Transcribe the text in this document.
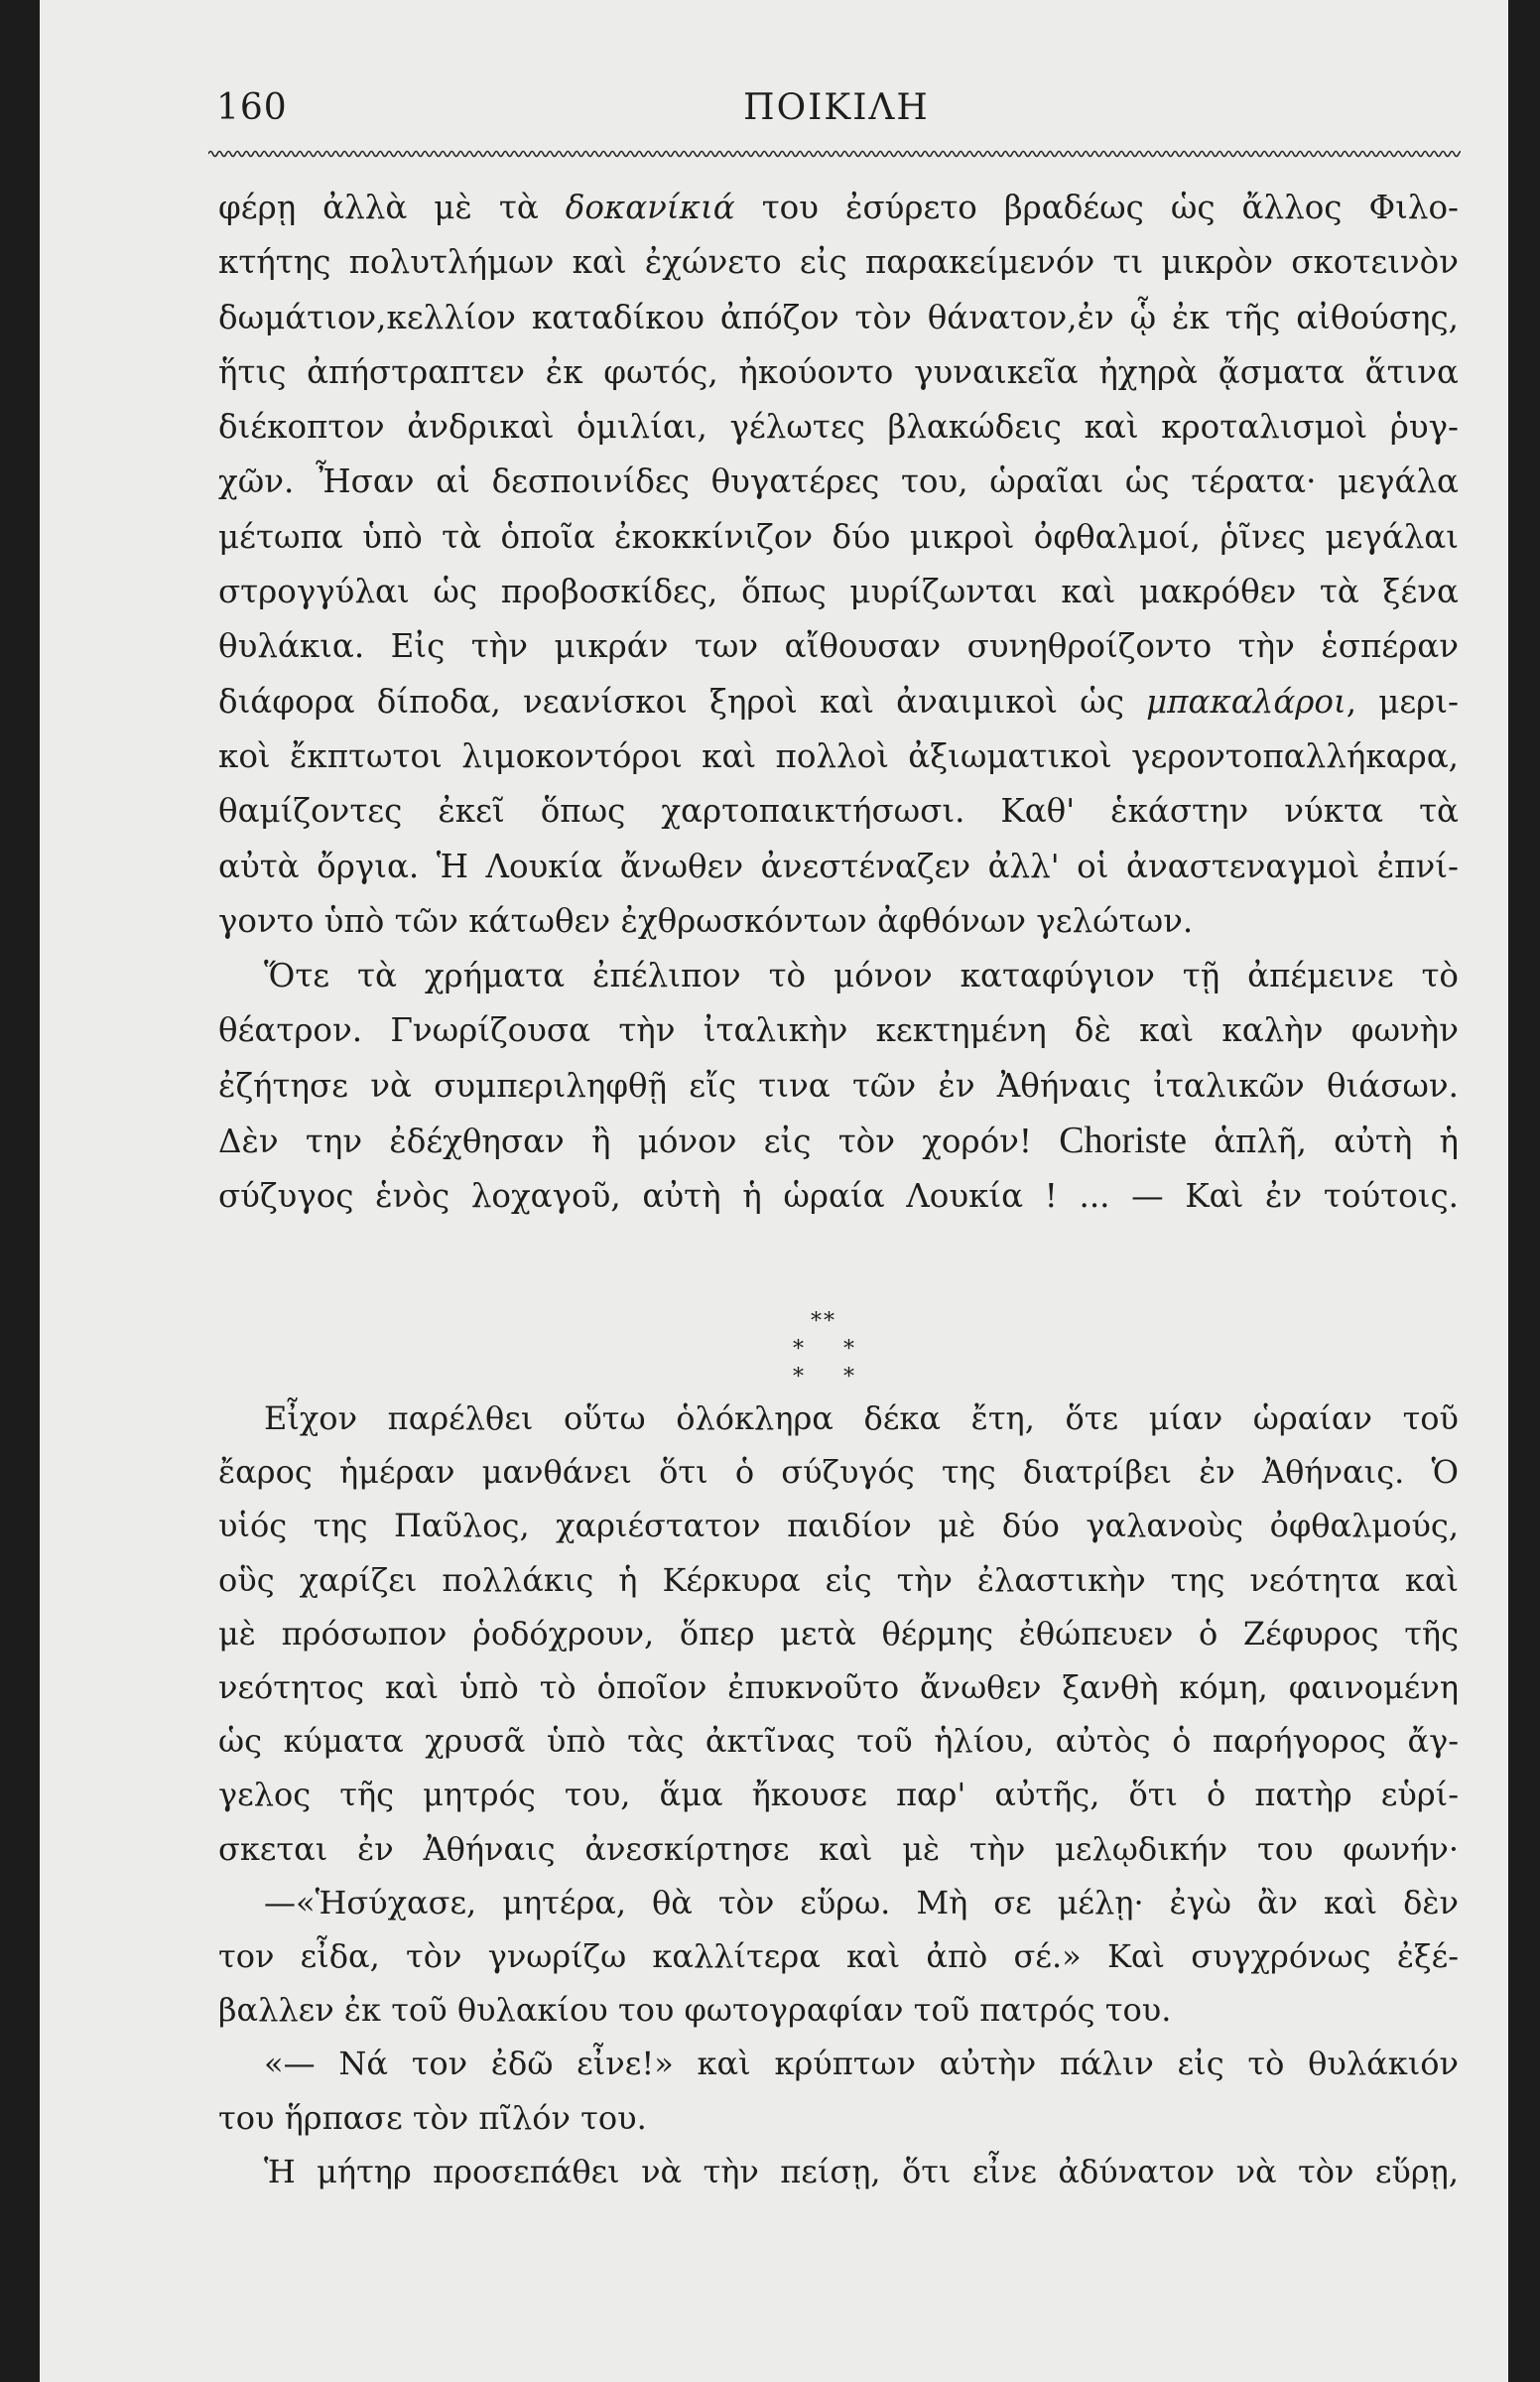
160	ΠΟΙΚΙΛΗ
φέρῃ ἀλλὰ μὲ τὰ δοκανίκιά του ἐσύρετο βραδέως ὡς ἄλλος Φιλο-
κτήτης πολυτλήμων καὶ ἐχώνετο εἰς παρακείμενόν τι μικρὸν σκοτεινὸν
δωμάτιον,κελλίον καταδίκου ἀπόζον τὸν θάνατον,ἐν ᾧ ἐκ τῆς αἰθούσης,
ἥτις ἀπήστραπτεν ἐκ φωτός, ἠκούοντο γυναικεῖα ἠχηρὰ ᾄσματα ἅτινα
διέκοπτον ἀνδρικαὶ ὁμιλίαι, γέλωτες βλακώδεις καὶ κροταλισμοὶ ῥυγ-
χῶν. Ἦσαν αἱ δεσποινίδες θυγατέρες του, ὡραῖαι ὡς τέρατα· μεγάλα
μέτωπα ὑπὸ τὰ ὁποῖα ἐκοκκίνιζον δύο μικροὶ ὀφθαλμοί, ῥῖνες μεγάλαι
στρογγύλαι ὡς προβοσκίδες, ὅπως μυρίζωνται καὶ μακρόθεν τὰ ξένα
θυλάκια. Εἰς τὴν μικράν των αἴθουσαν συνηθροίζοντο τὴν ἑσπέραν
διάφορα δίποδα, νεανίσκοι ξηροὶ καὶ ἀναιμικοὶ ὡς μπακαλάροι, μερι-
κοὶ ἔκπτωτοι λιμοκοντόροι καὶ πολλοὶ ἀξιωματικοὶ γεροντοπαλλήκαρα,
θαμίζοντες ἐκεῖ ὅπως χαρτοπαικτήσωσι. Καθ' ἑκάστην νύκτα τὰ
αὐτὰ ὄργια. Ἡ Λουκία ἄνωθεν ἀνεστέναζεν ἀλλ' οἱ ἀναστεναγμοὶ ἐπνί-
γοντο ὑπὸ τῶν κάτωθεν ἐχθρωσκόντων ἀφθόνων γελώτων.
Ὅτε τὰ χρήματα ἐπέλιπον τὸ μόνον καταφύγιον τῇ ἀπέμεινε τὸ
θέατρον. Γνωρίζουσα τὴν ἰταλικὴν κεκτημένη δὲ καὶ καλὴν φωνὴν
ἐζήτησε νὰ συμπεριληφθῇ εἴς τινα τῶν ἐν Ἀθήναις ἰταλικῶν θιάσων.
Δὲν την ἐδέχθησαν ἢ μόνον εἰς τὸν χορόν! Choriste ἁπλῆ, αὐτὴ ἡ
σύζυγος ἑνὸς λοχαγοῦ, αὐτὴ ἡ ὡραία Λουκία ! ... — Καὶ ἐν τούτοις.
**
** **
Εἶχον παρέλθει οὕτω ὁλόκληρα δέκα ἔτη, ὅτε μίαν ὡραίαν τοῦ
ἔαρος ἡμέραν μανθάνει ὅτι ὁ σύζυγός της διατρίβει ἐν Ἀθήναις. Ὁ
υἱός της Παῦλος, χαριέστατον παιδίον μὲ δύο γαλανοὺς ὀφθαλμούς,
οὓς χαρίζει πολλάκις ἡ Κέρκυρα εἰς τὴν ἐλαστικὴν της νεότητα καὶ
μὲ πρόσωπον ῥοδόχρουν, ὅπερ μετὰ θέρμης ἐθώπευεν ὁ Ζέφυρος τῆς
νεότητος καὶ ὑπὸ τὸ ὁποῖον ἐπυκνοῦτο ἄνωθεν ξανθὴ κόμη, φαινομένη
ὡς κύματα χρυσᾶ ὑπὸ τὰς ἀκτῖνας τοῦ ἡλίου, αὐτὸς ὁ παρήγορος ἄγ-
γελος τῆς μητρός του, ἅμα ἤκουσε παρ' αὐτῆς, ὅτι ὁ πατὴρ εὑρί-
σκεται ἐν Ἀθήναις ἀνεσκίρτησε καὶ μὲ τὴν μελῳδικήν του φωνήν·
—«Ἡσύχασε, μητέρα, θὰ τὸν εὕρω. Μὴ σε μέλῃ· ἐγὼ ἂν καὶ δὲν
τον εἶδα, τὸν γνωρίζω καλλίτερα καὶ ἀπὸ σέ.» Καὶ συγχρόνως ἐξέ-
βαλλεν ἐκ τοῦ θυλακίου του φωτογραφίαν τοῦ πατρός του.
«— Νά τον ἐδῶ εἶνε!» καὶ κρύπτων αὐτὴν πάλιν εἰς τὸ θυλάκιόν
του ἥρπασε τὸν πῖλόν του.
Ἡ μήτηρ προσεπάθει νὰ τὴν πείσῃ, ὅτι εἶνε ἀδύνατον νὰ τὸν εὕρῃ,
